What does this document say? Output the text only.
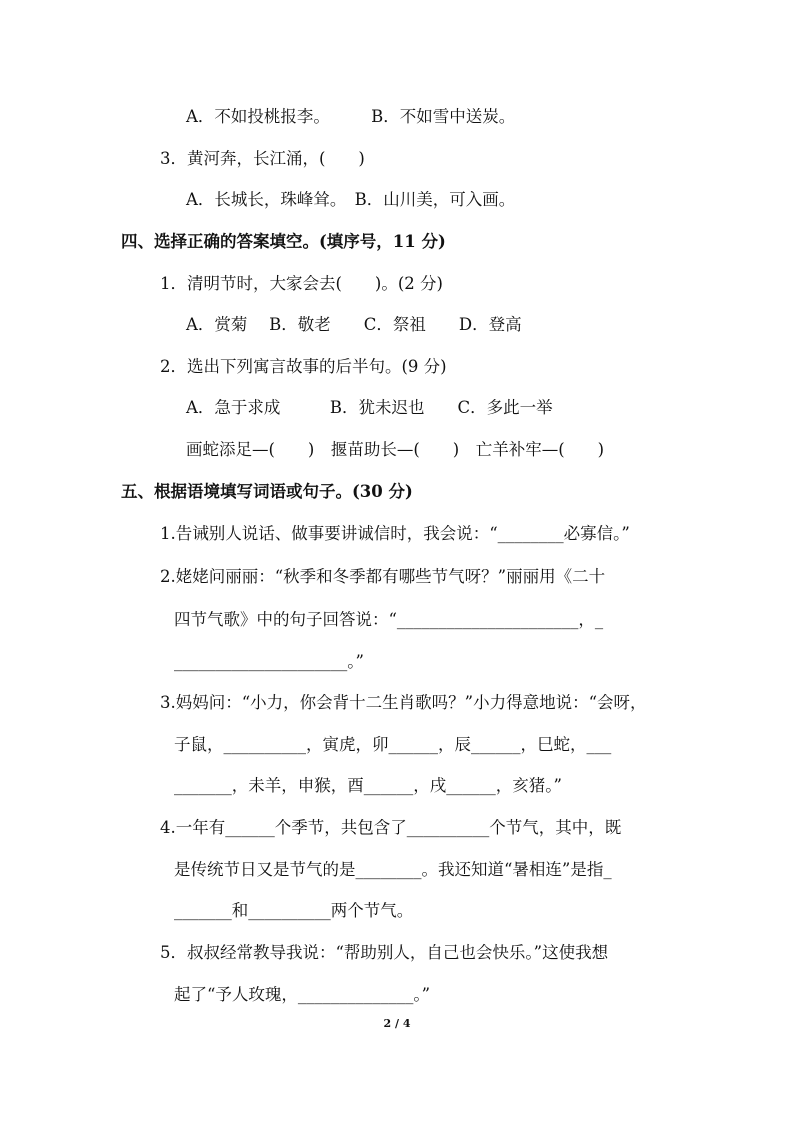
A．不如投桃报李。　　　B．不如雪中送炭。
3．黄河奔，长江涌，(　　)
A．长城长，珠峰耸。　B．山川美，可入画。
四、选择正确的答案填空。(填序号，11 分)
1．清明节时，大家会去(　　)。(2 分)
A．赏菊　 B．敬老　　C．祭祖　　D．登高
2．选出下列寓言故事的后半句。(9 分)
A．急于求成　　　B．犹未迟也　　C．多此一举
画蛇添足—(　　)　揠苗助长—(　　)　亡羊补牢—(　　)
五、根据语境填写词语或句子。(30 分)
1.告诫别人说话、做事要讲诚信时，我会说：“________必寡信。”
2.姥姥问丽丽：“秋季和冬季都有哪些节气呀？”丽丽用《二十
四节气歌》中的句子回答说：“______________________，_
_____________________。”
3.妈妈问：“小力，你会背十二生肖歌吗？”小力得意地说：“会呀，
子鼠，__________，寅虎，卯______，辰______，巳蛇，___
_______，未羊，申猴，酉______，戌______，亥猪。”
4.一年有______个季节，共包含了__________个节气，其中，既
是传统节日又是节气的是________。我还知道“暑相连”是指_
_______和__________两个节气。
5．叔叔经常教导我说：“帮助别人，自己也会快乐。”这使我想
起了“予人玫瑰，______________。”
2 / 4
